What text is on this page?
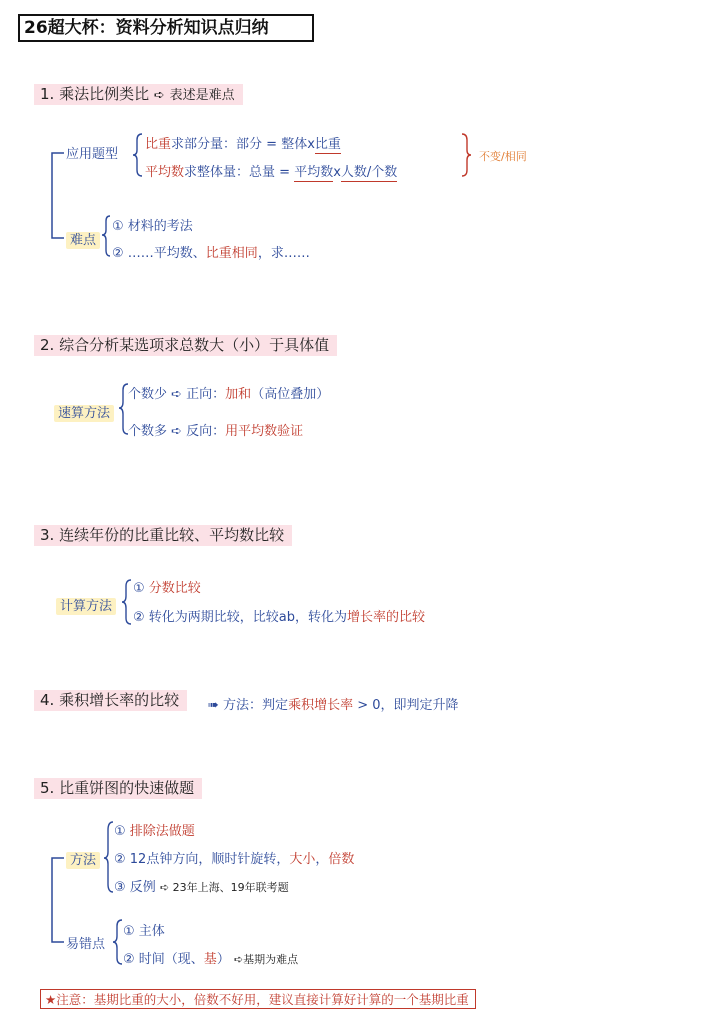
26超大杯：资料分析知识点归纳
1. 乘法比例类比 ➪ 表述是难点
应用题型
比重求部分量：部分 = 整体x比重
平均数求整体量：总量 = 平均数x人数/个数
不变/相同
难点
① 材料的考法
② ……平均数、比重相同，求……
2. 综合分析某选项求总数大（小）于具体值
速算方法
个数少 ➪ 正向：加和（高位叠加）
个数多 ➪ 反向：用平均数验证
3. 连续年份的比重比较、平均数比较
计算方法
① 分数比较
② 转化为两期比较，比较ab，转化为增长率的比较
4. 乘积增长率的比较	➠ 方法：判定乘积增长率 > 0，即判定升降
5. 比重饼图的快速做题
方法
① 排除法做题
② 12点钟方向，顺时针旋转，大小，倍数
③ 反例 ➪ 23年上海、19年联考题
易错点
① 主体
② 时间（现、基） ➪基期为难点
★注意：基期比重的大小，倍数不好用，建议直接计算好计算的一个基期比重
